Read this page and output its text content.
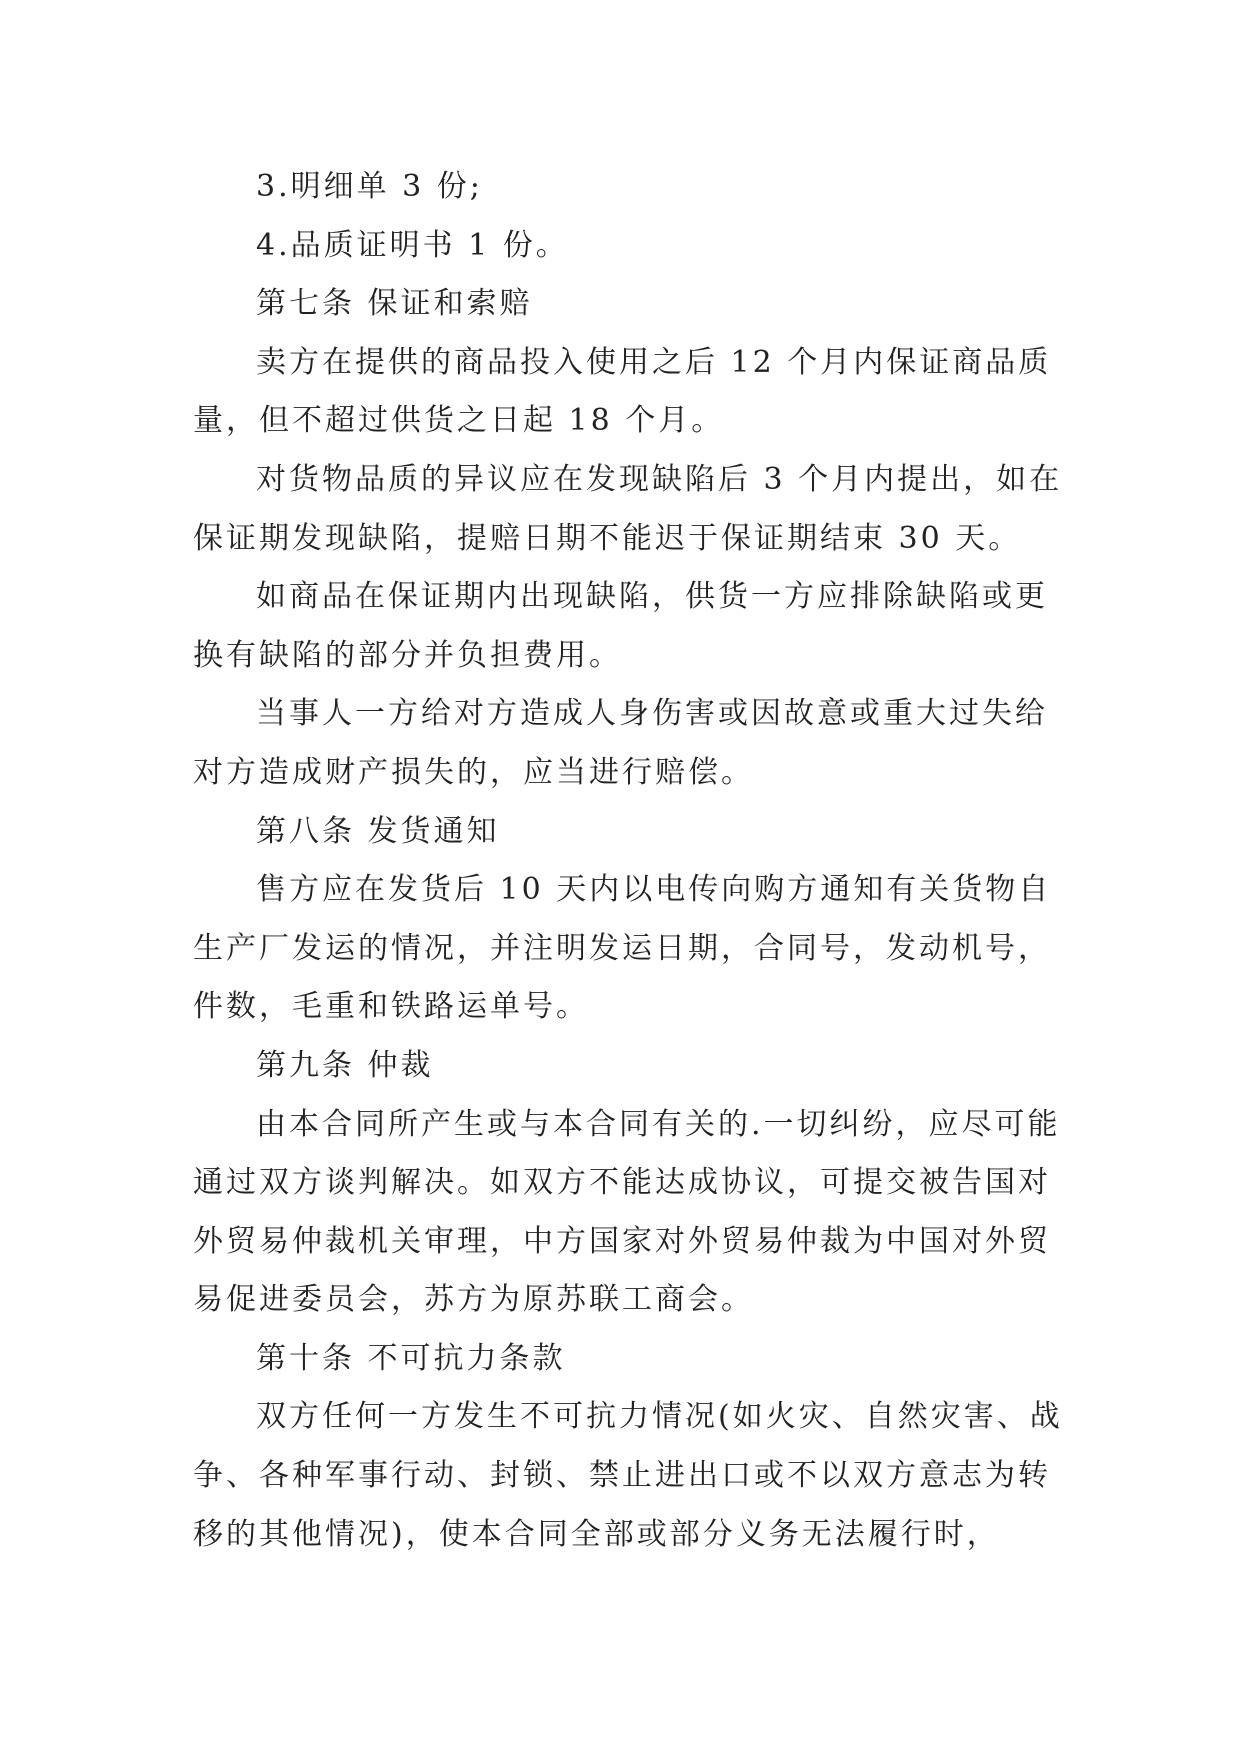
3.明细单 3 份;

4.品质证明书 1 份。

第七条 保证和索赔

卖方在提供的商品投入使用之后 12 个月内保证商品质量，但不超过供货之日起 18 个月。

对货物品质的异议应在发现缺陷后 3 个月内提出，如在保证期发现缺陷，提赔日期不能迟于保证期结束 30 天。

如商品在保证期内出现缺陷，供货一方应排除缺陷或更换有缺陷的部分并负担费用。

当事人一方给对方造成人身伤害或因故意或重大过失给对方造成财产损失的，应当进行赔偿。

第八条 发货通知

售方应在发货后 10 天内以电传向购方通知有关货物自生产厂发运的情况，并注明发运日期，合同号，发动机号，件数，毛重和铁路运单号。

第九条 仲裁

由本合同所产生或与本合同有关的.一切纠纷，应尽可能通过双方谈判解决。如双方不能达成协议，可提交被告国对外贸易仲裁机关审理，中方国家对外贸易仲裁为中国对外贸易促进委员会，苏方为原苏联工商会。

第十条 不可抗力条款

双方任何一方发生不可抗力情况(如火灾、自然灾害、战争、各种军事行动、封锁、禁止进出口或不以双方意志为转移的其他情况)，使本合同全部或部分义务无法履行时，
